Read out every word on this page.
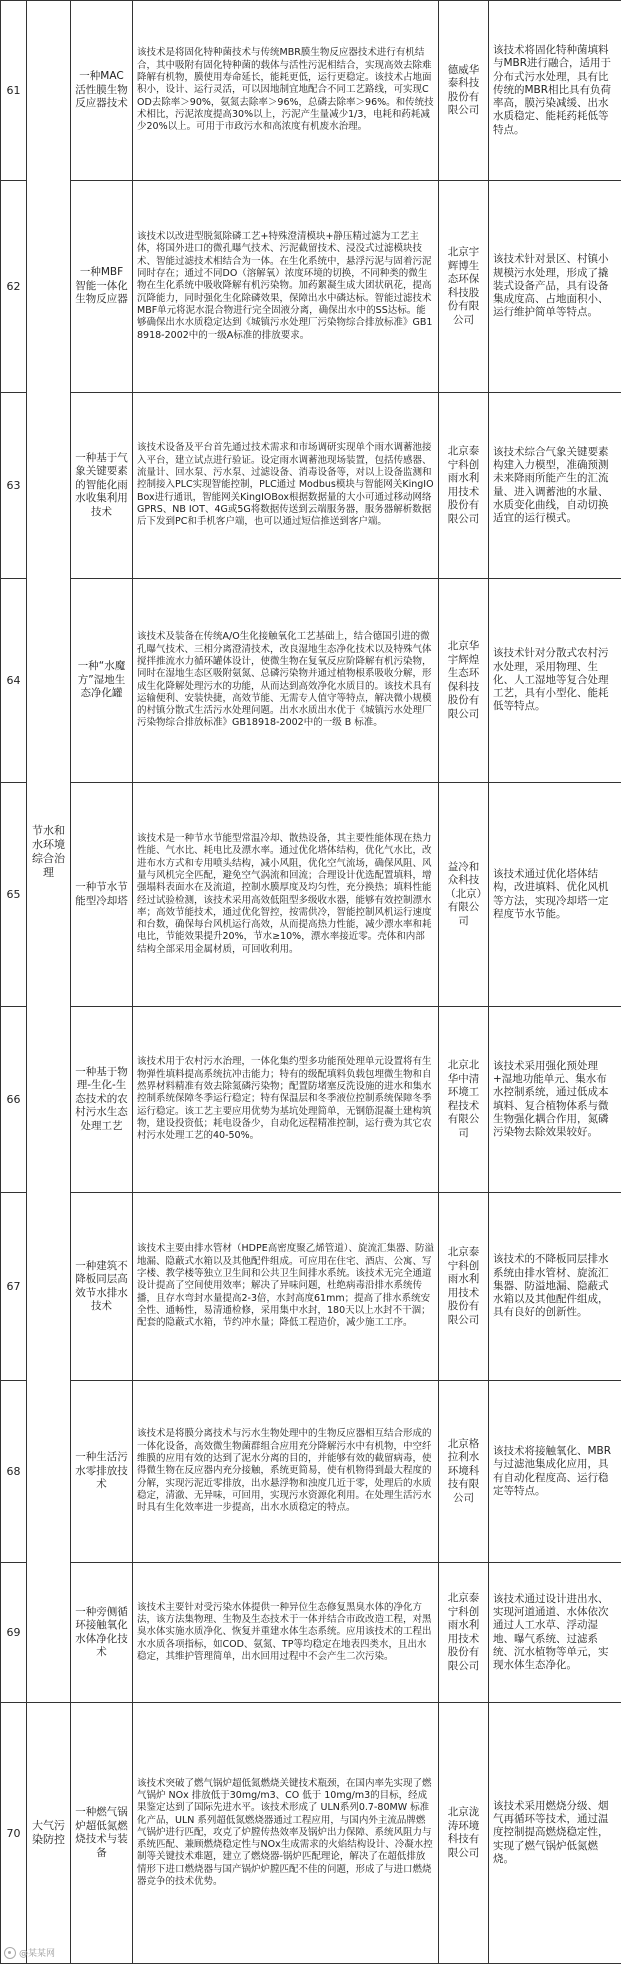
61	节水和水环境综合治理	一种MAC活性膜生物反应器技术	该技术是将固化特种菌技术与传统MBR膜生物反应器技术进行有机结合，其中吸附有固化特种菌的载体与活性污泥相结合，实现高效去除难降解有机物，膜使用寿命延长，能耗更低，运行更稳定。该技术占地面积小，设计、运行灵活，可以因地制宜地配合不同工艺路线，可实现COD去除率＞90%，氨氮去除率＞96%，总磷去除率＞96%。和传统技术相比，污泥浓度提高30%以上，污泥产生量减少1/3，电耗和药耗减少20%以上。可用于市政污水和高浓度有机废水治理。	德威华泰科技股份有限公司	该技术将固化特种菌填料与MBR进行融合，适用于分布式污水处理，具有比传统的MBR相比具有负荷率高，膜污染减缓、出水水质稳定、能耗药耗低等特点。
62		一种MBF智能一体化生物反应器	该技术以改进型脱氮除磷工艺+特殊澄清模块+静压精过滤为工艺主体，将国外进口的微孔曝气技术、污泥截留技术、浸没式过滤模块技术、智能过滤技术相结合为一体。在生化系统中，悬浮污泥与固着污泥同时存在；通过不同DO（溶解氧）浓度环境的切换，不同种类的微生物在生化系统中吸收降解有机污染物。加药絮凝生成大团状矾花，提高沉降能力，同时强化生化除磷效果，保障出水中磷达标。智能过滤技术MBF单元将泥水混合物进行完全固液分离，确保出水中的SS达标。能够确保出水水质稳定达到《城镇污水处理厂污染物综合排放标准》GB18918-2002中的一级A标准的排放要求。	北京宇辉博生态环保科技股份有限公司	该技术针对景区、村镇小规模污水处理，形成了撬装式设备产品，具有设备集成度高、占地面积小、运行维护简单等特点。
63		一种基于气象关键要素的智能化雨水收集利用技术	该技术设备及平台首先通过技术需求和市场调研实现单个雨水调蓄池接入平台，建立试点进行验证。设定雨水调蓄池现场装置，包括传感器、流量计、回水泵、污水泵、过滤设备、消毒设备等，对以上设备监测和控制接入PLC实现智能控制，PLC通过 Modbus模块与智能网关KingIOBox进行通讯，智能网关KingIOBox根据数据量的大小可通过移动网络GPRS、NB IOT、4G或5G将数据传送到云端服务器，服务器解析数据后下发到PC和手机客户端，也可以通过短信推送到客户端。	北京泰宁科创雨水利用技术股份有限公司	该技术综合气象关键要素构建入力模型，准确预测未来降雨所能产生的汇流量、进入调蓄池的水量、水质变化曲线，自动切换适宜的运行模式。
64		一种“水魔方”湿地生态净化罐	该技术及装备在传统A/O生化接触氧化工艺基础上，结合德国引进的微孔曝气技术、三相分离澄清技术，改良湿地生态净化技术以及特殊气体搅拌推流水力循环罐体设计，使微生物在复氧反应阶降解有机污染物，同时在湿地生态区吸附氨氮、总磷污染物并通过植物根系吸收分解，形成生化降解处理污水的功能，从而达到高效净化水质目的。该技术具有运输便利、安装快捷，高效节能、无需专人值守等特点，解决微小规模的村镇分散式生活污水处理问题。出水水质出水优于《城镇污水处理厂污染物综合排放标准》GB18918-2002中的一级 B 标准。	北京华宇辉煌生态环保科技股份有限公司	该技术针对分散式农村污水处理，采用物理、生化、人工湿地等复合处理工艺，具有小型化、能耗低等特点。
65		一种节水节能型冷却塔	该技术是一种节水节能型常温冷却、散热设备，其主要性能体现在热力性能、气水比、耗电比及漂水率。通过优化塔体结构，优化气水比，改进布水方式和专用喷头结构，减小风阻，优化空气流场，确保风阻、风量与风机完全匹配，避免空气涡流和回流；合理设计优选配置填料，增强塌料表面水在及流道，控制水膜厚度及均匀性，充分换热；填料性能经过试验检测，该技术采用高效低阻型多级收水器，能够有效控制漂水率；高效节能技术，通过优化智控，按需供冷，智能控制风机运行速度和台数，确保每台风机运行高效，从而提高热力性能，减少漂水率和耗电比，节能效果提升20%，节水≥10%，漂水率接近零。壳体和内部结构全部采用金属材质，可回收利用。	益冷和众科技（北京）有限公司	该技术通过优化塔体结构，改进填料、优化风机等方法，实现冷却塔一定程度节水节能。
66		一种基于物理-生化-生态技术的农村污水生态处理工艺	该技术用于农村污水治理，一体化集约型多功能预处理单元设置将有生物弹性填料提高系统抗冲击能力；特有的级配填料负载包埋微生物和自然界材料精准有效去除氮磷污染物；配置防堵塞反洗设施的进水和集水控制系统保障冬季运行稳定；特有保温层和冬季液位控制系统保障冬季运行稳定。该工艺主要应用优势为基坑处理简单，无钢筋混凝土建构筑物，建设投资低；耗电设备少，自动化远程精准控制，运行费为其它农村污水处理工艺的40-50%。	北京北华中清环境工程技术有限公司	该技术采用强化预处理+湿地功能单元、集水布水控制系统，通过低成本填料、复合植物体系与微生物强化耦合作用，氮磷污染物去除效果较好。
67		一种建筑不降板同层高效节水排水技术	该技术主要由排水管材（HDPE高密度聚乙烯管道）、旋流汇集器、防溢地漏、隐蔽式水箱以及其他配件组成。可应用在住宅、酒店、公寓、写字楼、教学楼等独立卫生间和公共卫生间排水系统。该技术无完全通道设计提高了空间使用效率；解决了异味问题，杜绝病毒沿排水系统传播，且存水弯封水量提高2-3倍，水封高度61mm；提高了排水系统安全性、通畅性，易清通检修，采用集中水封，180天以上水封不干涸；配套的隐蔽式水箱，节约冲水量；降低工程造价，减少施工工序。	北京泰宁科创雨水利用技术股份有限公司	该技术的不降板同层排水系统由排水管材、旋流汇集器、防溢地漏、隐蔽式水箱以及其他配件组成，具有良好的创新性。
68		一种生活污水零排放技术	该技术是将膜分离技术与污水生物处理中的生物反应器相互结合形成的一体化设备，高效微生物菌群组合应用充分降解污水中有机物，中空纤维膜的应用有效的达到了泥水分离的目的，并能够有效的截留病毒，使得微生物在反应器内充分接触，系统更简易，使有机物得到最大程度的分解，实现污泥近零排放，出水悬浮物和浊度几近于零，处理后的水质稳定，清澈、无异味，可回用，实现污水资源化利用。在处理生活污水时具有生化效率进一步提高，出水水质稳定的特点。	北京格拉利水环境科技有限公司	该技术将接触氧化、MBR与过滤池集成化应用，具有自动化程度高、运行稳定等特点。
69		一种旁侧循环接触氧化水体净化技术	该技术主要针对受污染水体提供一种异位生态修复黑臭水体的净化方法，该方法集物理、生物及生态技术于一体并结合市政改造工程，对黑臭水体实施水质净化、恢复并重建水体生态系统。应用该技术的工程出水水质各项指标，如COD、氨氮、TP等均稳定在地表四类水，且出水稳定，其维护管理简单，出水回用过程中不会产生二次污染。	北京泰宁科创雨水利用技术股份有限公司	该技术通过设计进出水、实现河道通道、水体依次通过人工水草、浮动湿地、曝气系统、过滤系统、沉水植物等单元，实现水体生态净化。
70	大气污染防控	一种燃气锅炉超低氮燃烧技术与装备	该技术突破了燃气锅炉超低氮燃烧关键技术瓶颈，在国内率先实现了燃气锅炉 NOx 排放低于30mg/m3、CO 低于 10mg/m3的目标，经成果鉴定达到了国际先进水平。该技术形成了 ULN系列0.7-80MW 标准化产品，ULN 系列超低氮燃烧器通过工程应用，与国内外主流品牌燃气锅炉进行匹配，攻克了炉膛传热效率及锅炉出力保障、系统风阻力与系统匹配、兼顾燃烧稳定性与NOx生成需求的火焰结构设计、冷凝水控制等关键技术难题，建立了燃烧器-锅炉匹配理论，解决了在超低排放情形下进口燃烧器与国产锅炉炉膛匹配不佳的问题，形成了与进口燃烧器竞争的技术优势。	北京泷涛环境科技有限公司	该技术采用燃烧分级、烟气再循环等技术，通过温度控制提高燃烧稳定性，实现了燃气锅炉低氮燃烧。
@某某网
